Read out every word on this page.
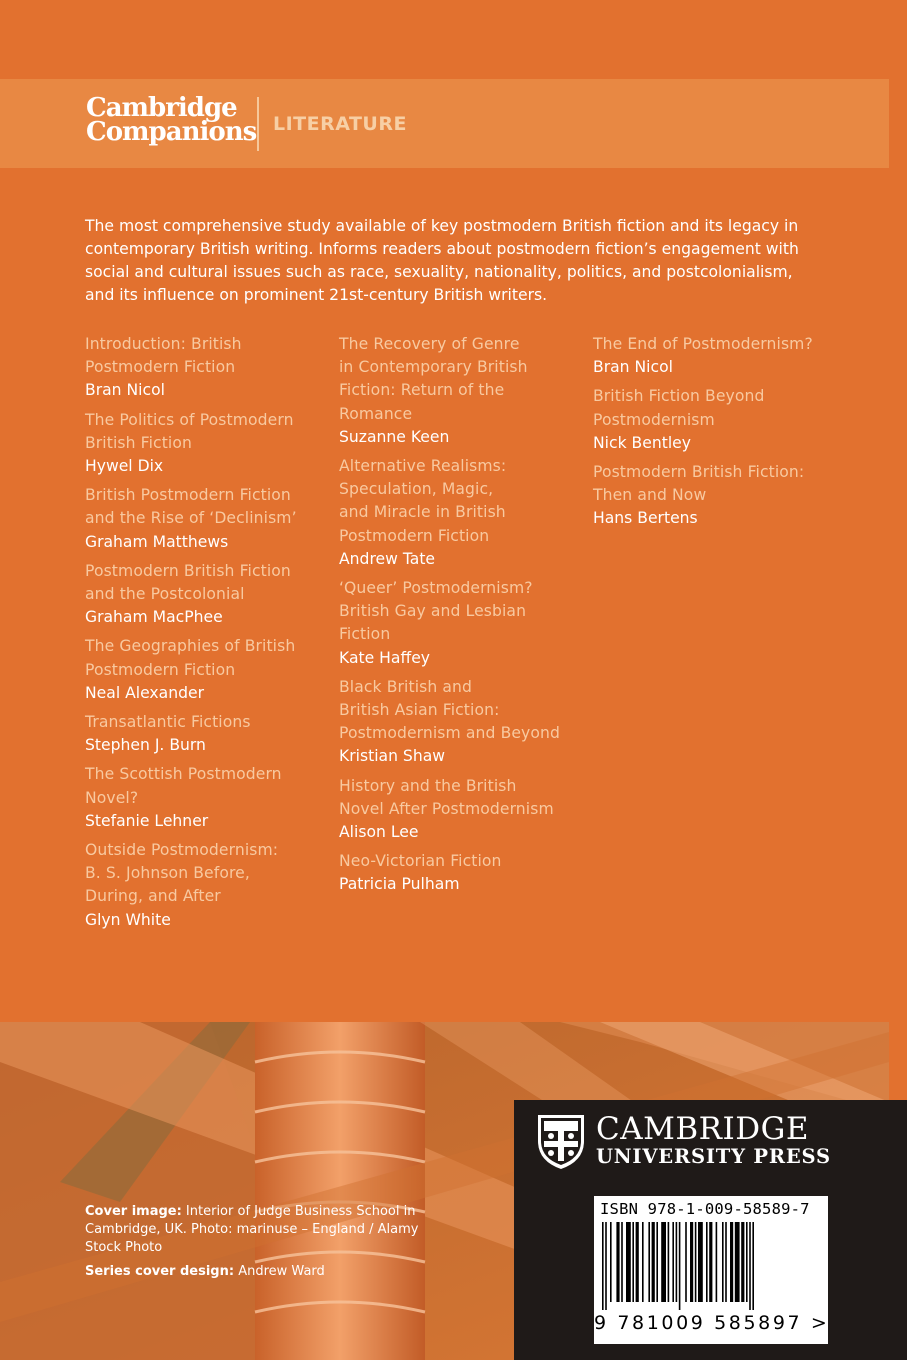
Cambridge
Companions LITERATURE

The most comprehensive study available of key postmodern British fiction and its legacy in contemporary British writing. Informs readers about postmodern fiction’s engagement with social and cultural issues such as race, sexuality, nationality, politics, and postcolonialism, and its influence on prominent 21st-century British writers.

Introduction: British
Postmodern Fiction
Bran Nicol
The Politics of Postmodern
British Fiction
Hywel Dix
British Postmodern Fiction
and the Rise of ‘Declinism’
Graham Matthews
Postmodern British Fiction
and the Postcolonial
Graham MacPhee
The Geographies of British
Postmodern Fiction
Neal Alexander
Transatlantic Fictions
Stephen J. Burn
The Scottish Postmodern
Novel?
Stefanie Lehner
Outside Postmodernism:
B. S. Johnson Before,
During, and After
Glyn White
The Recovery of Genre
in Contemporary British
Fiction: Return of the
Romance
Suzanne Keen
Alternative Realisms:
Speculation, Magic,
and Miracle in British
Postmodern Fiction
Andrew Tate
‘Queer’ Postmodernism?
British Gay and Lesbian
Fiction
Kate Haffey
Black British and
British Asian Fiction:
Postmodernism and Beyond
Kristian Shaw
History and the British
Novel After Postmodernism
Alison Lee
Neo-Victorian Fiction
Patricia Pulham
The End of Postmodernism?
Bran Nicol
British Fiction Beyond
Postmodernism
Nick Bentley
Postmodern British Fiction:
Then and Now
Hans Bertens

Cover image: Interior of Judge Business School in Cambridge, UK. Photo: marinuse – England / Alamy Stock Photo

Series cover design: Andrew Ward

CAMBRIDGE
UNIVERSITY PRESS
ISBN 978-1-009-58589-7
9 781009 585897 >
